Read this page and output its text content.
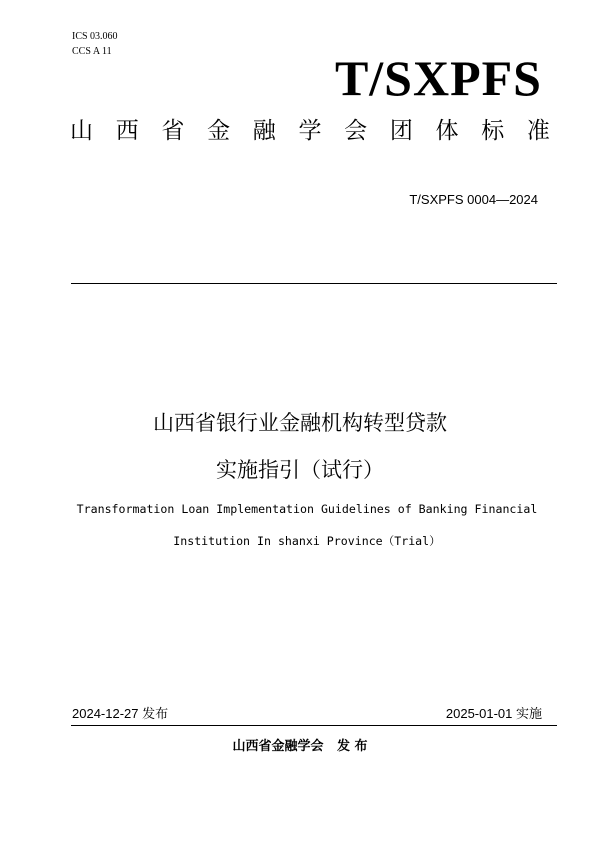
ICS 03.060
CCS A 11	T/SXPFS
山 西 省 金 融 学 会 团 体 标 准
T/SXPFS 0004—2024
山西省银行业金融机构转型贷款
实施指引（试行）
Transformation Loan Implementation Guidelines of Banking Financial
Institution In shanxi Province（Trial）
2024-12-27 发布	2025-01-01 实施
山西省金融学会   发 布
